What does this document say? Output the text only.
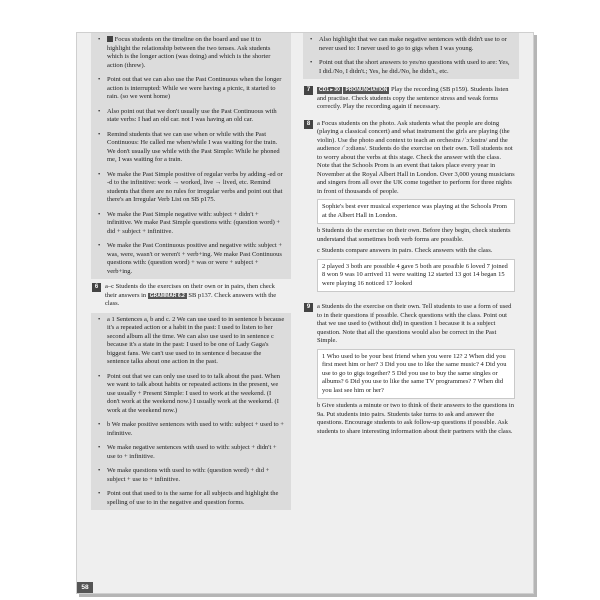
• Focus students on the timeline on the board and use it to highlight the relationship between the two tenses. Ask students which is the longer action (was doing) and which is the shorter action (threw).
• Point out that we can also use the Past Continuous when the longer action is interrupted: While we were having a picnic, it started to rain. (so we went home)
• Also point out that we don't usually use the Past Continuous with state verbs: I had an old car. not I was having an old car.
• Remind students that we can use when or while with the Past Continuous: He called me when/while I was waiting for the train. We don't usually use while with the Past Simple: While he phoned me, I was waiting for a train.
• We make the Past Simple positive of regular verbs by adding -ed or -d to the infinitive: work → worked, live → lived, etc. Remind students that there are no rules for irregular verbs and point out that there's an Irregular Verb List on SB p175.
• We make the Past Simple negative with: subject + didn't + infinitive. We make Past Simple questions with: (question word) + did + subject + infinitive.
• We make the Past Continuous positive and negative with: subject + was, were, wasn't or weren't + verb+ing. We make Past Continuous questions with: (question word) + was or were + subject + verb+ing.
6	a–c Students do the exercises on their own or in pairs, then check their answers in GRAMMAR 6.2 SB p137. Check answers with the class.
• a 1 Sentences a, b and c. 2 We can use used to in sentence b because it's a repeated action or a habit in the past: I used to listen to her second album all the time. We can also use used to in sentence c because it's a state in the past: I used to be one of Lady Gaga's biggest fans. We can't use used to in sentence d because the sentence talks about one action in the past.
• Point out that we can only use used to to talk about the past. When we want to talk about habits or repeated actions in the present, we use usually + Present Simple: I used to work at the weekend. (I don't work at the weekend now.) I usually work at the weekend. (I work at the weekend now.)
• b We make positive sentences with used to with: subject + used to + infinitive.
• We make negative sentences with used to with: subject + didn't + use to + infinitive.
• We make questions with used to with: (question word) + did + subject + use to + infinitive.
• Point out that used to is the same for all subjects and highlight the spelling of use to in the negative and question forms.
• Also highlight that we can make negative sentences with didn't use to or never used to: I never used to go to gigs when I was young.
• Point out that the short answers to yes/no questions with used to are: Yes, I did./No, I didn't.; Yes, he did./No, he didn't., etc.
7	CD1 ▸ 30 PRONUNCIATION Play the recording (SB p159). Students listen and practise. Check students copy the sentence stress and weak forms correctly. Play the recording again if necessary.
8	a Focus students on the photo. Ask students what the people are doing (playing a classical concert) and what instrument the girls are playing (the violin). Use the photo and context to teach an orchestra /ˈɔːkɪstrə/ and the audience /ˈɔːdiəns/. Students do the exercise on their own. Tell students not to worry about the verbs at this stage. Check the answer with the class. Note that the Schools Prom is an event that takes place every year in November at the Royal Albert Hall in London. Over 3,000 young musicians and singers from all over the UK come together to perform for three nights in front of thousands of people.
Sophie's best ever musical experience was playing at the Schools Prom at the Albert Hall in London.
b Students do the exercise on their own. Before they begin, check students understand that sometimes both verb forms are possible.
c Students compare answers in pairs. Check answers with the class.
2 played 3 both are possible 4 gave 5 both are possible 6 loved 7 joined 8 won 9 was 10 arrived 11 were waiting 12 started 13 got 14 began 15 were playing 16 noticed 17 looked
9	a Students do the exercise on their own. Tell students to use a form of used to in their questions if possible. Check questions with the class. Point out that we use used to (without did) in question 1 because it is a subject question. Note that all the questions would also be correct in the Past Simple.
1 Who used to be your best friend when you were 12? 2 When did you first meet him or her? 3 Did you use to like the same music? 4 Did you use to go to gigs together? 5 Did you use to buy the same singles or albums? 6 Did you use to like the same TV programmes? 7 When did you last see him or her?
b Give students a minute or two to think of their answers to the questions in 9a. Put students into pairs. Students take turns to ask and answer the questions. Encourage students to ask follow-up questions if possible. Ask students to share interesting information about their partners with the class.
58
